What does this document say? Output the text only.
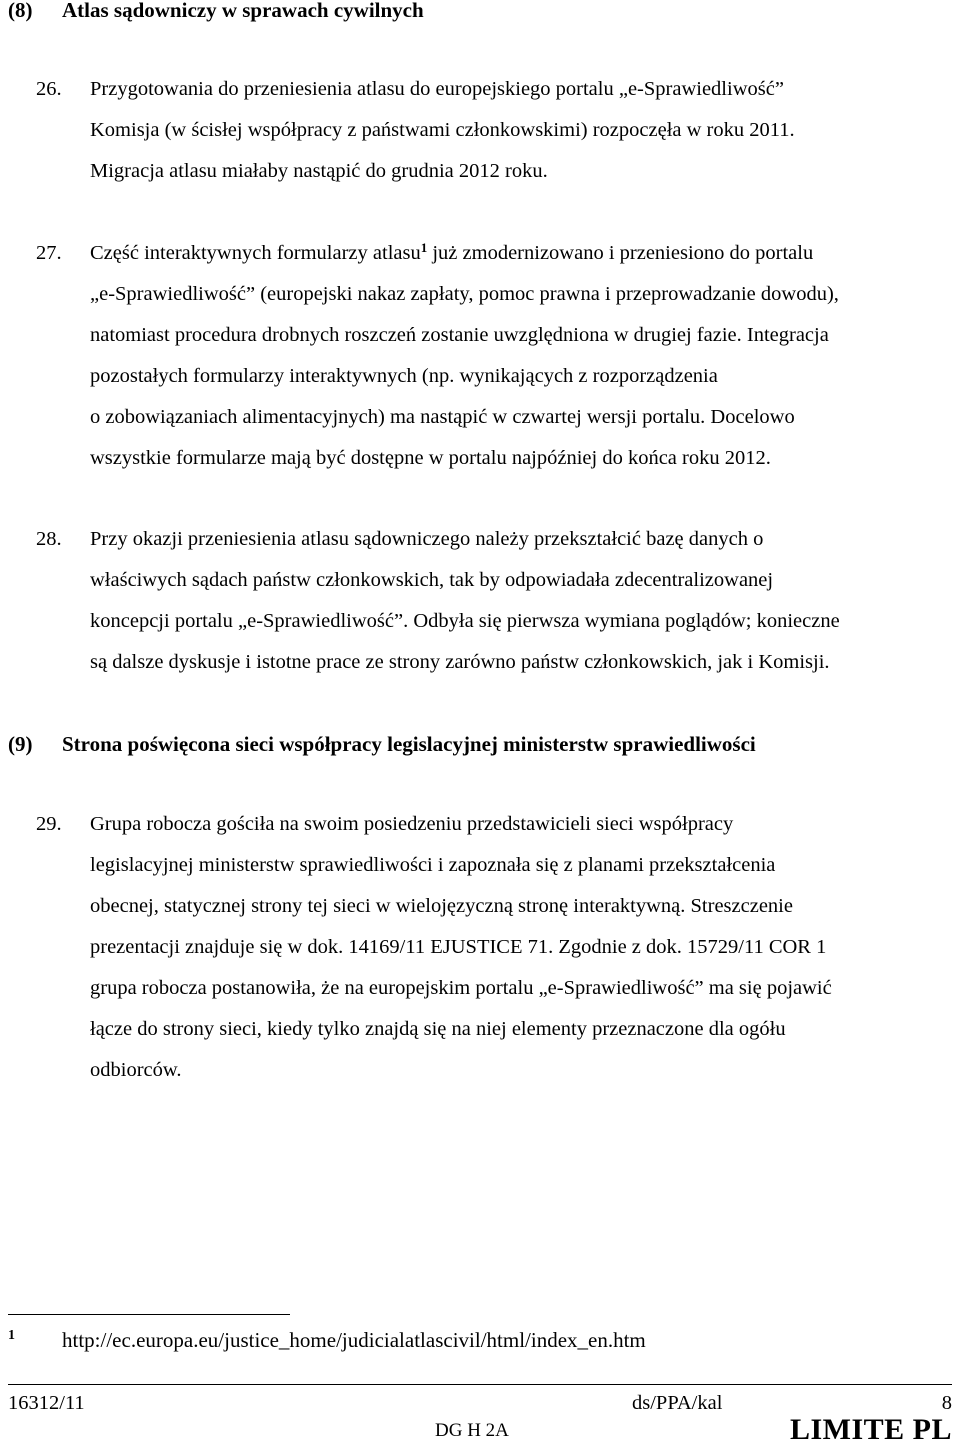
(8) Atlas sądowniczy w sprawach cywilnych
26. Przygotowania do przeniesienia atlasu do europejskiego portalu „e-Sprawiedliwość”
Komisja (w ścisłej współpracy z państwami członkowskimi) rozpoczęła w roku 2011.
Migracja atlasu miałaby nastąpić do grudnia 2012 roku.
27. Część interaktywnych formularzy atlasu$^1$ już zmodernizowano i przeniesiono do portalu
„e-Sprawiedliwość” (europejski nakaz zapłaty, pomoc prawna i przeprowadzanie dowodu),
natomiast procedura drobnych roszczeń zostanie uwzględniona w drugiej fazie. Integracja
pozostałych formularzy interaktywnych (np. wynikających z rozporządzenia
o zobowiązaniach alimentacyjnych) ma nastąpić w czwartej wersji portalu. Docelowo
wszystkie formularze mają być dostępne w portalu najpóźniej do końca roku 2012.
28. Przy okazji przeniesienia atlasu sądowniczego należy przekształcić bazę danych o
właściwych sądach państw członkowskich, tak by odpowiadała zdecentralizowanej
koncepcji portalu „e-Sprawiedliwość”. Odbyła się pierwsza wymiana poglądów; konieczne
są dalsze dyskusje i istotne prace ze strony zarówno państw członkowskich, jak i Komisji.
(9) Strona poświęcona sieci współpracy legislacyjnej ministerstw sprawiedliwości
29. Grupa robocza gościła na swoim posiedzeniu przedstawicieli sieci współpracy
legislacyjnej ministerstw sprawiedliwości i zapoznała się z planami przekształcenia
obecnej, statycznej strony tej sieci w wielojęzyczną stronę interaktywną. Streszczenie
prezentacji znajduje się w dok. 14169/11 EJUSTICE 71. Zgodnie z dok. 15729/11 COR 1
grupa robocza postanowiła, że na europejskim portalu „e-Sprawiedliwość” ma się pojawić
łącze do strony sieci, kiedy tylko znajdą się na niej elementy przeznaczone dla ogółu
odbiorców.
1 http://ec.europa.eu/justice_home/judicialatlascivil/html/index_en.htm
16312/11	ds/PPA/kal	8
DG H 2A	LIMITE PL
